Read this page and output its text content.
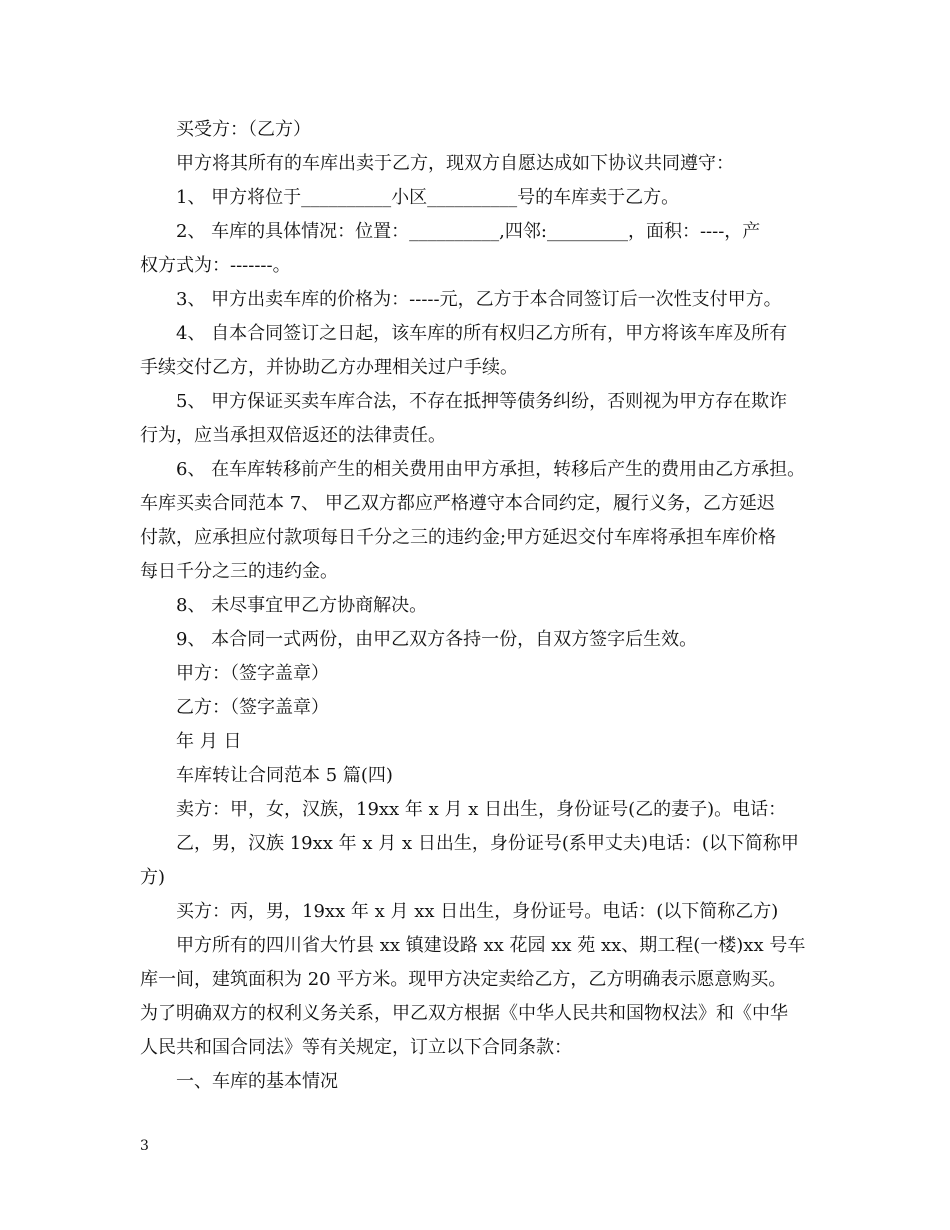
买受方：（乙方）
甲方将其所有的车库出卖于乙方，现双方自愿达成如下协议共同遵守：
1、 甲方将位于__________小区__________号的车库卖于乙方。
2、 车库的具体情况：位置：__________,四邻:_________，面积：----，产
权方式为：-------。
3、 甲方出卖车库的价格为：-----元，乙方于本合同签订后一次性支付甲方。
4、 自本合同签订之日起，该车库的所有权归乙方所有，甲方将该车库及所有
手续交付乙方，并协助乙方办理相关过户手续。
5、 甲方保证买卖车库合法，不存在抵押等债务纠纷，否则视为甲方存在欺诈
行为，应当承担双倍返还的法律责任。
6、 在车库转移前产生的相关费用由甲方承担，转移后产生的费用由乙方承担。
车库买卖合同范本 7、 甲乙双方都应严格遵守本合同约定，履行义务，乙方延迟
付款，应承担应付款项每日千分之三的违约金;甲方延迟交付车库将承担车库价格
每日千分之三的违约金。
8、 未尽事宜甲乙方协商解决。
9、 本合同一式两份，由甲乙双方各持一份，自双方签字后生效。
甲方：（签字盖章）
乙方：（签字盖章）
年 月 日
车库转让合同范本 5 篇(四)
卖方：甲，女，汉族，19xx 年 x 月 x 日出生，身份证号(乙的妻子)。电话：
乙，男，汉族 19xx 年 x 月 x 日出生，身份证号(系甲丈夫)电话：(以下简称甲
方)
买方：丙，男，19xx 年 x 月 xx 日出生，身份证号。电话：(以下简称乙方)
甲方所有的四川省大竹县 xx 镇建设路 xx 花园 xx 苑 xx、期工程(一楼)xx 号车
库一间，建筑面积为 20 平方米。现甲方决定卖给乙方，乙方明确表示愿意购买。
为了明确双方的权利义务关系，甲乙双方根据《中华人民共和国物权法》和《中华
人民共和国合同法》等有关规定，订立以下合同条款：
一、车库的基本情况
3
